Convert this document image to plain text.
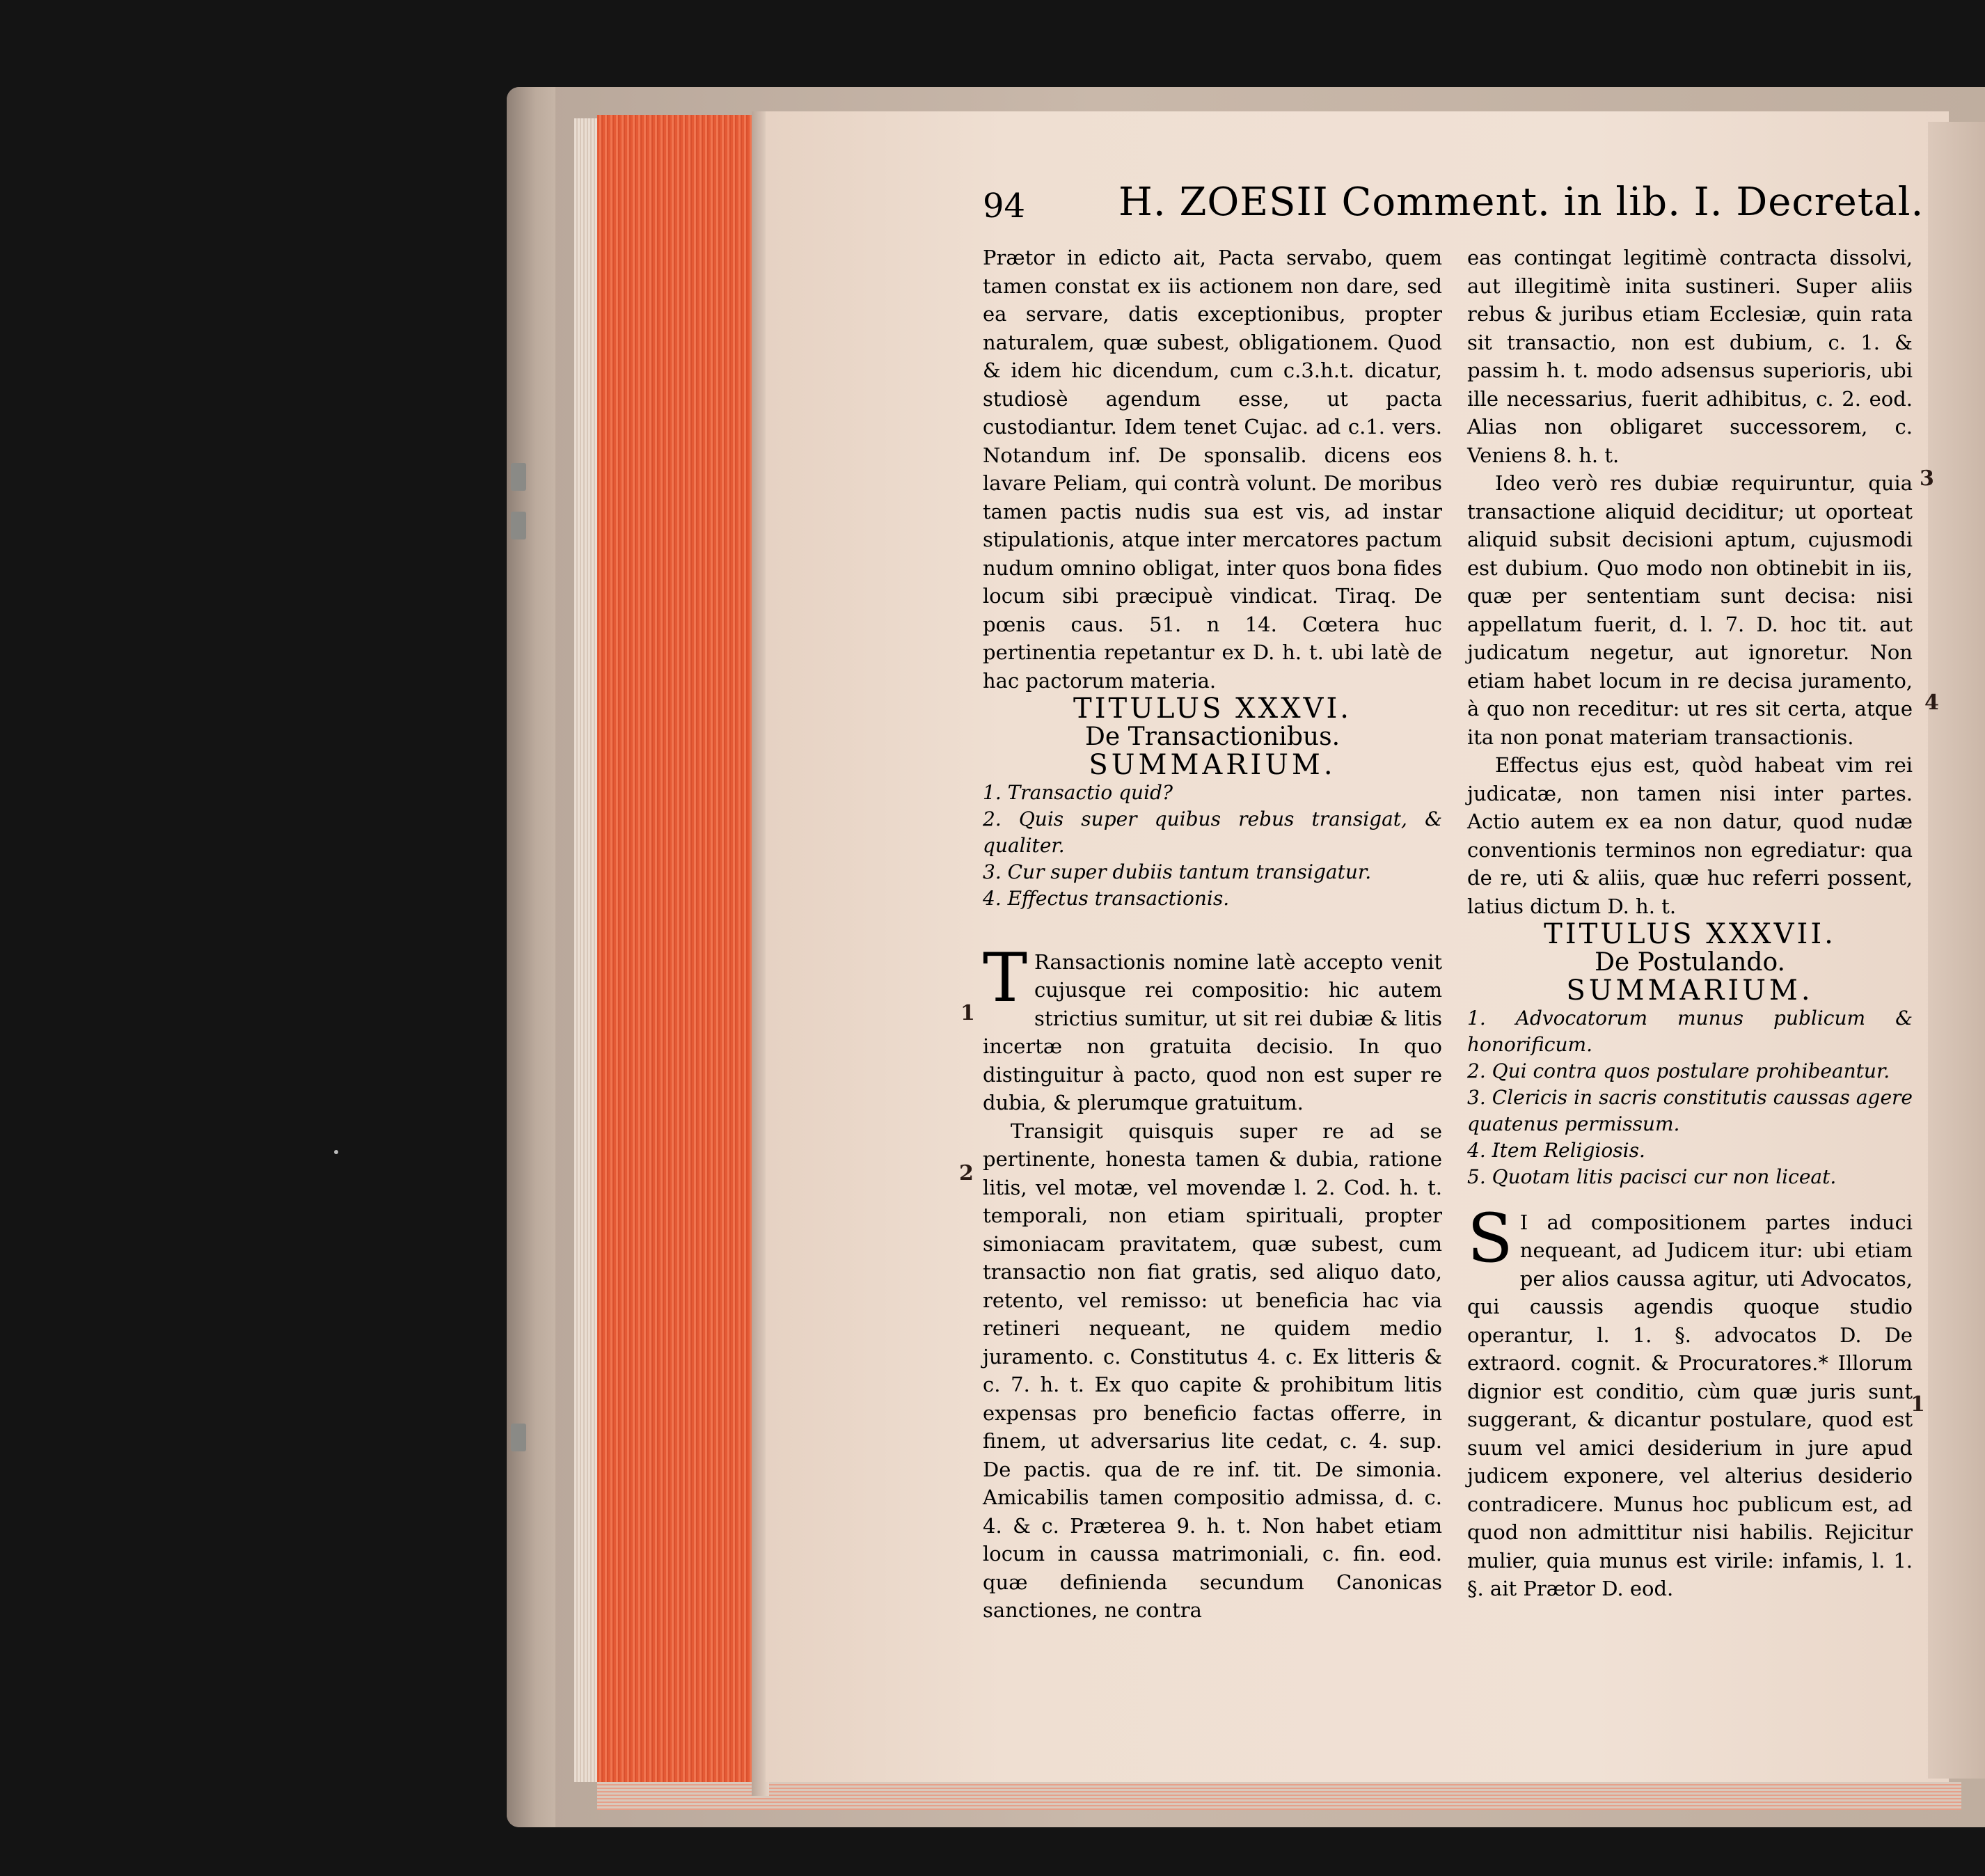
94 H. ZOESII Comment. in lib. I. Decretal.

Prætor in edicto ait, Pacta servabo, quem tamen constat ex iis actionem non dare, sed ea servare, datis exceptionibus, propter naturalem, quæ subest, obligationem. Quod & idem hic dicendum, cum c.3.h.t. dicatur, studiosè agendum esse, ut pacta custodiantur. Idem tenet Cujac. ad c.1. vers. Notandum inf. De sponsalib. dicens eos lavare Peliam, qui contrà volunt. De moribus tamen pactis nudis sua est vis, ad instar stipulationis, atque inter mercatores pactum nudum omnino obligat, inter quos bona fides locum sibi præcipuè vindicat. Tiraq. De pœnis caus. 51. n 14. Cœtera huc pertinentia repetantur ex D. h. t. ubi latè de hac pactorum materia.

TITULUS XXXVI.

De Transactionibus.

SUMMARIUM.

1. Transactio quid?
2. Quis super quibus rebus transigat, & qualiter.
3. Cur super dubiis tantum transigatur.
4. Effectus transactionis.

T Ransactionis nomine latè accepto venit cujusque rei compositio: hic autem strictius sumitur, ut sit rei dubiæ & litis incertæ non gratuita decisio. In quo distinguitur à pacto, quod non est super re dubia, & plerumque gratuitum.

Transigit quisquis super re ad se pertinente, honesta tamen & dubia, ratione litis, vel motæ, vel movendæ l. 2. Cod. h. t. temporali, non etiam spirituali, propter simoniacam pravitatem, quæ subest, cum transactio non fiat gratis, sed aliquo dato, retento, vel remisso: ut beneficia hac via retineri nequeant, ne quidem medio juramento. c. Constitutus 4. c. Ex litteris & c. 7. h. t. Ex quo capite & prohibitum litis expensas pro beneficio factas offerre, in finem, ut adversarius lite cedat, c. 4. sup. De pactis. qua de re inf. tit. De simonia. Amicabilis tamen compositio admissa, d. c. 4. & c. Præterea 9. h. t. Non habet etiam locum in caussa matrimoniali, c. fin. eod. quæ definienda secundum Canonicas sanctiones, ne contra

1
2

eas contingat legitimè contracta dissolvi, aut illegitimè inita sustineri. Super aliis rebus & juribus etiam Ecclesiæ, quin rata sit transactio, non est dubium, c. 1. & passim h. t. modo adsensus superioris, ubi ille necessarius, fuerit adhibitus, c. 2. eod. Alias non obligaret successorem, c. Veniens 8. h. t.

Ideo verò res dubiæ requiruntur, quia transactione aliquid deciditur; ut oporteat aliquid subsit decisioni aptum, cujusmodi est dubium. Quo modo non obtinebit in iis, quæ per sententiam sunt decisa: nisi appellatum fuerit, d. l. 7. D. hoc tit. aut judicatum negetur, aut ignoretur. Non etiam habet locum in re decisa juramento, à quo non receditur: ut res sit certa, atque ita non ponat materiam transactionis.

Effectus ejus est, quòd habeat vim rei judicatæ, non tamen nisi inter partes. Actio autem ex ea non datur, quod nudæ conventionis terminos non egrediatur: qua de re, uti & aliis, quæ huc referri possent, latius dictum D. h. t.

TITULUS XXXVII.

De Postulando.

SUMMARIUM.

1. Advocatorum munus publicum & honorificum.
2. Qui contra quos postulare prohibeantur.
3. Clericis in sacris constitutis caussas agere quatenus permissum.
4. Item Religiosis.
5. Quotam litis pacisci cur non liceat.

S I ad compositionem partes induci nequeant, ad Judicem itur: ubi etiam per alios caussa agitur, uti Advocatos, qui caussis agendis quoque studio operantur, l. 1. §. advocatos D. De extraord. cognit. & Procuratores.* Illorum dignior est conditio, cùm quæ juris sunt suggerant, & dicantur postulare, quod est suum vel amici desiderium in jure apud judicem exponere, vel alterius desiderio contradicere. Munus hoc publicum est, ad quod non admittitur nisi habilis. Rejicitur mulier, quia munus est virile: infamis, l. 1. §. ait Prætor D. eod.

3
4
1
